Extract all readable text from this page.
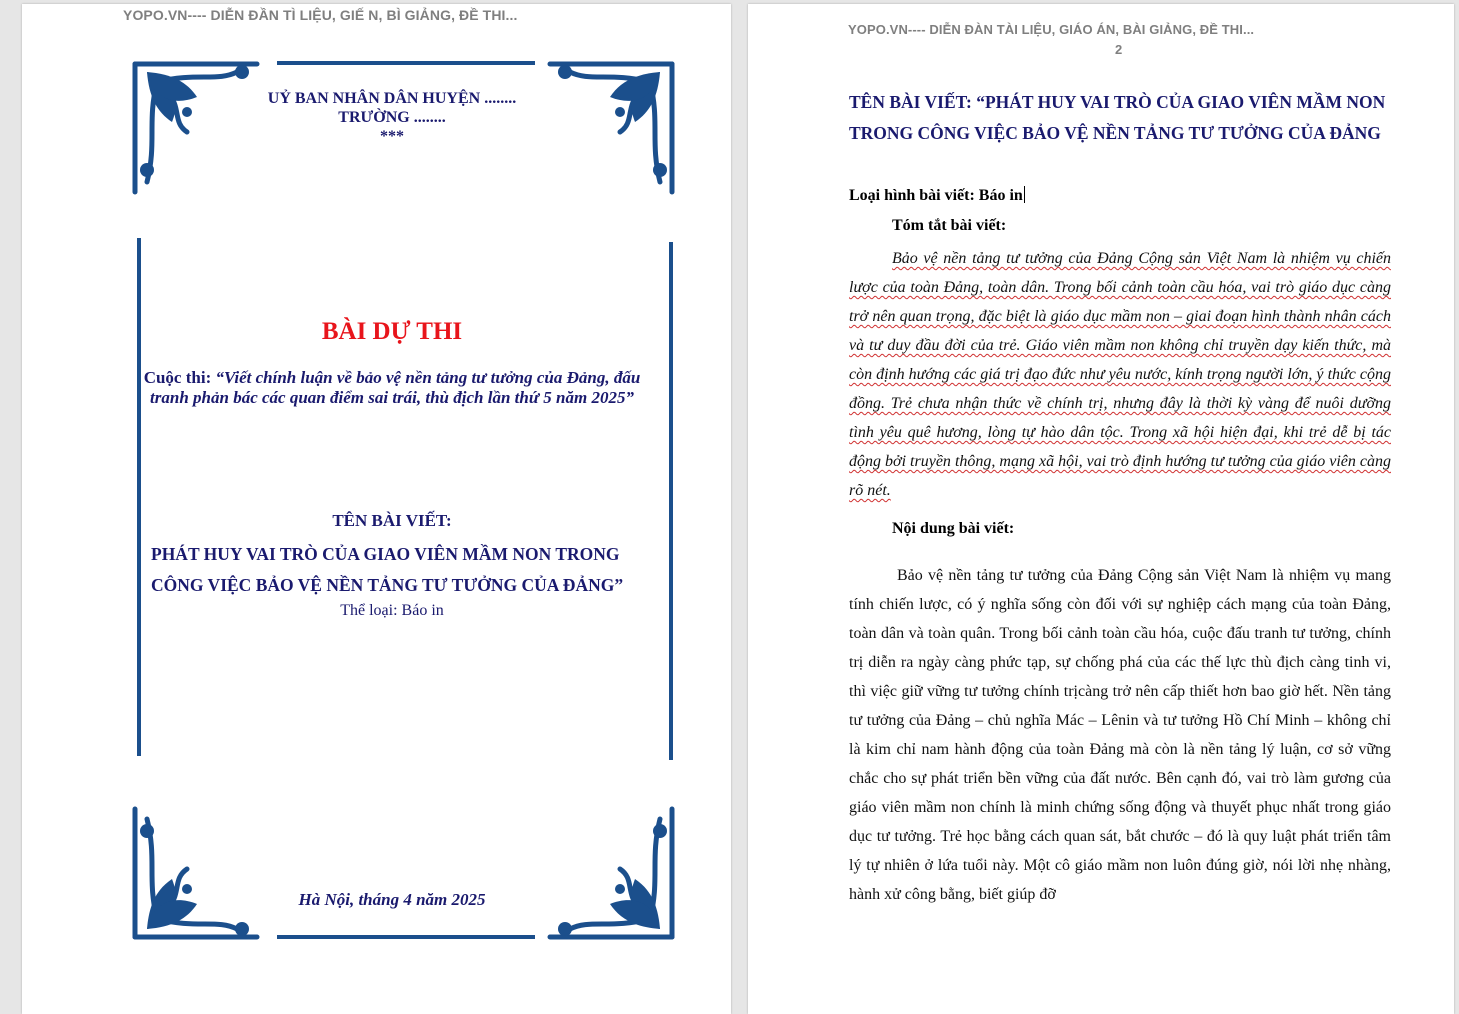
YOPO.VN---- DIỄN ĐẦN TÌ LIỆU, GIẾ N, BÌ GIẢNG, ĐỀ THI...
UỶ BAN NHÂN DÂN HUYỆN ........
TRƯỜNG ........
***
BÀI DỰ THI
Cuộc thi: “Viết chính luận về bảo vệ nền tảng tư tưởng của Đảng, đấu tranh phản bác các quan điểm sai trái, thù địch lần thứ 5 năm 2025”
TÊN BÀI VIẾT:
PHÁT HUY VAI TRÒ CỦA GIAO VIÊN MẦM NON TRONG
CÔNG VIỆC BẢO VỆ NỀN TẢNG TƯ TƯỞNG CỦA ĐẢNG”
Thể loại: Báo in
Hà Nội, tháng 4 năm 2025
YOPO.VN---- DIỄN ĐÀN TÀI LIỆU, GIÁO ÁN, BÀI GIẢNG, ĐỀ THI...
2
TÊN BÀI VIẾT: “PHÁT HUY VAI TRÒ CỦA GIAO VIÊN MẦM NON TRONG CÔNG VIỆC BẢO VỆ NỀN TẢNG TƯ TƯỞNG CỦA ĐẢNG
Loại hình bài viết: Báo in
Tóm tắt bài viết:
Bảo vệ nền tảng tư tưởng của Đảng Cộng sản Việt Nam là nhiệm vụ chiến lược của toàn Đảng, toàn dân. Trong bối cảnh toàn cầu hóa, vai trò giáo dục càng trở nên quan trọng, đặc biệt là giáo dục mầm non – giai đoạn hình thành nhân cách và tư duy đầu đời của trẻ. Giáo viên mầm non không chỉ truyền dạy kiến thức, mà còn định hướng các giá trị đạo đức như yêu nước, kính trọng người lớn, ý thức cộng đồng. Trẻ chưa nhận thức về chính trị, nhưng đây là thời kỳ vàng để nuôi dưỡng tình yêu quê hương, lòng tự hào dân tộc. Trong xã hội hiện đại, khi trẻ dễ bị tác động bởi truyền thông, mạng xã hội, vai trò định hướng tư tưởng của giáo viên càng rõ nét.
Nội dung bài viết:
Bảo vệ nền tảng tư tưởng của Đảng Cộng sản Việt Nam là nhiệm vụ mang tính chiến lược, có ý nghĩa sống còn đối với sự nghiệp cách mạng của toàn Đảng, toàn dân và toàn quân. Trong bối cảnh toàn cầu hóa, cuộc đấu tranh tư tưởng, chính trị diễn ra ngày càng phức tạp, sự chống phá của các thế lực thù địch càng tinh vi, thì việc giữ vững tư tưởng chính trịcàng trở nên cấp thiết hơn bao giờ hết. Nền tảng tư tưởng của Đảng – chủ nghĩa Mác – Lênin và tư tưởng Hồ Chí Minh – không chỉ là kim chỉ nam hành động của toàn Đảng mà còn là nền tảng lý luận, cơ sở vững chắc cho sự phát triển bền vững của đất nước. Bên cạnh đó, vai trò làm gương của giáo viên mầm non chính là minh chứng sống động và thuyết phục nhất trong giáo dục tư tưởng. Trẻ học bằng cách quan sát, bắt chước – đó là quy luật phát triển tâm lý tự nhiên ở lứa tuổi này. Một cô giáo mầm non luôn đúng giờ, nói lời nhẹ nhàng, hành xử công bằng, biết giúp đỡ
